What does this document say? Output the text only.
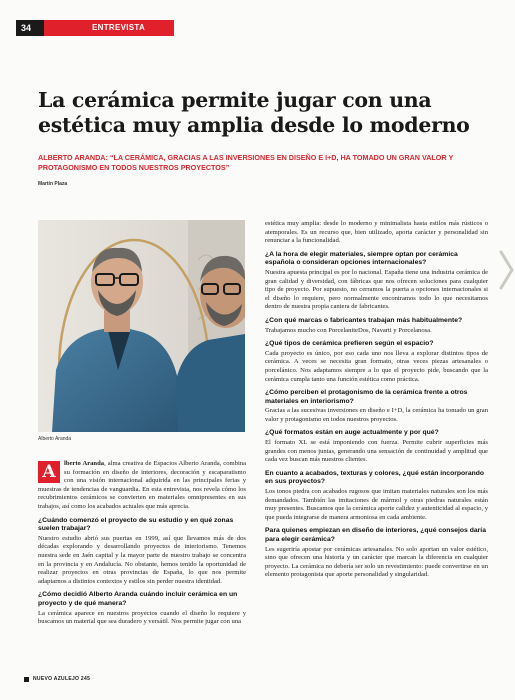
34	ENTREVISTA
La cerámica permite jugar con una estética muy amplia desde lo moderno
ALBERTO ARANDA: “LA CERÁMICA, GRACIAS A LAS INVERSIONES EN DISEÑO E I+D, HA TOMADO UN GRAN VALOR Y PROTAGONISMO EN TODOS NUESTROS PROYECTOS”
Martín Plaza
Alberto Aranda

A	lberto Aranda, alma creativa de Espacios Alberto Aranda, combina su formación en diseño de interiores, decoración y escaparatismo con una visión internacional adquirida en las principales ferias y muestras de tendencias de vanguardia. En esta entrevista, nos revela cómo los recubrimientos cerámicos se convierten en materiales omnipresentes en sus trabajos, así como los acabados actuales que más aprecia.

¿Cuándo comenzó el proyecto de su estudio y en qué zonas suelen trabajar?

Nuestro estudio abrió sus puertas en 1999, así que llevamos más de dos décadas explorando y desarrollando proyectos de interiorismo. Tenemos nuestra sede en Jaén capital y la mayor parte de nuestro trabajo se concentra en la provincia y en Andalucía. No obstante, hemos tenido la oportunidad de realizar proyectos en otras provincias de España, lo que nos permite adaptarnos a distintos contextos y estilos sin perder nuestra identidad.

¿Cómo decidió Alberto Aranda cuándo incluir cerámica en un proyecto y de qué manera?

La cerámica aparece en nuestros proyectos cuando el diseño lo requiere y buscamos un material que sea duradero y versátil. Nos permite jugar con una

estética muy amplia: desde lo moderno y minimalista hasta estilos más rústicos o atemporales. Es un recurso que, bien utilizado, aporta carácter y personalidad sin renunciar a la funcionalidad.

¿A la hora de elegir materiales, siempre optan por cerámica española o consideran opciones internacionales?

Nuestra apuesta principal es por lo nacional. España tiene una industria cerámica de gran calidad y diversidad, con fábricas que nos ofrecen soluciones para cualquier tipo de proyecto. Por supuesto, no cerramos la puerta a opciones internacionales si el diseño lo requiere, pero normalmente encontramos todo lo que necesitamos dentro de nuestra propia cantera de fabricantes.

¿Con qué marcas o fabricantes trabajan más habitualmente?

Trabajamos mucho con PorcelaniteDos, Navarti y Porcelanosa.

¿Qué tipos de cerámica prefieren según el espacio?

Cada proyecto es único, por eso cada uno nos lleva a explorar distintos tipos de cerámica. A veces se necesita gran formato, otras veces piezas artesanales o porcelánico. Nos adaptamos siempre a lo que el proyecto pide, buscando que la cerámica cumpla tanto una función estética como práctica.

¿Cómo perciben el protagonismo de la cerámica frente a otros materiales en interiorismo?

Gracias a las sucesivas inversiones en diseño e I+D, la cerámica ha tomado un gran valor y protagonismo en todos nuestros proyectos.

¿Qué formatos están en auge actualmente y por qué?

El formato XL se está imponiendo con fuerza. Permite cubrir superficies más grandes con menos juntas, generando una sensación de continuidad y amplitud que cada vez buscan más nuestros clientes.

En cuanto a acabados, texturas y colores, ¿qué están incorporando en sus proyectos?

Los tonos piedra con acabados rugosos que imitan materiales naturales son los más demandados. También las imitaciones de mármol y otras piedras naturales están muy presentes. Buscamos que la cerámica aporte calidez y autenticidad al espacio, y que pueda integrarse de manera armoniosa en cada ambiente.

Para quienes empiezan en diseño de interiores, ¿qué consejos daría para elegir cerámica?

Les sugeriría apostar por cerámicas artesanales. No solo aportan un valor estético, sino que ofrecen una historia y un carácter que marcan la diferencia en cualquier proyecto. La cerámica no debería ser solo un revestimiento: puede convertirse en un elemento protagonista que aporte personalidad y singularidad.

NUEVO AZULEJO 245
